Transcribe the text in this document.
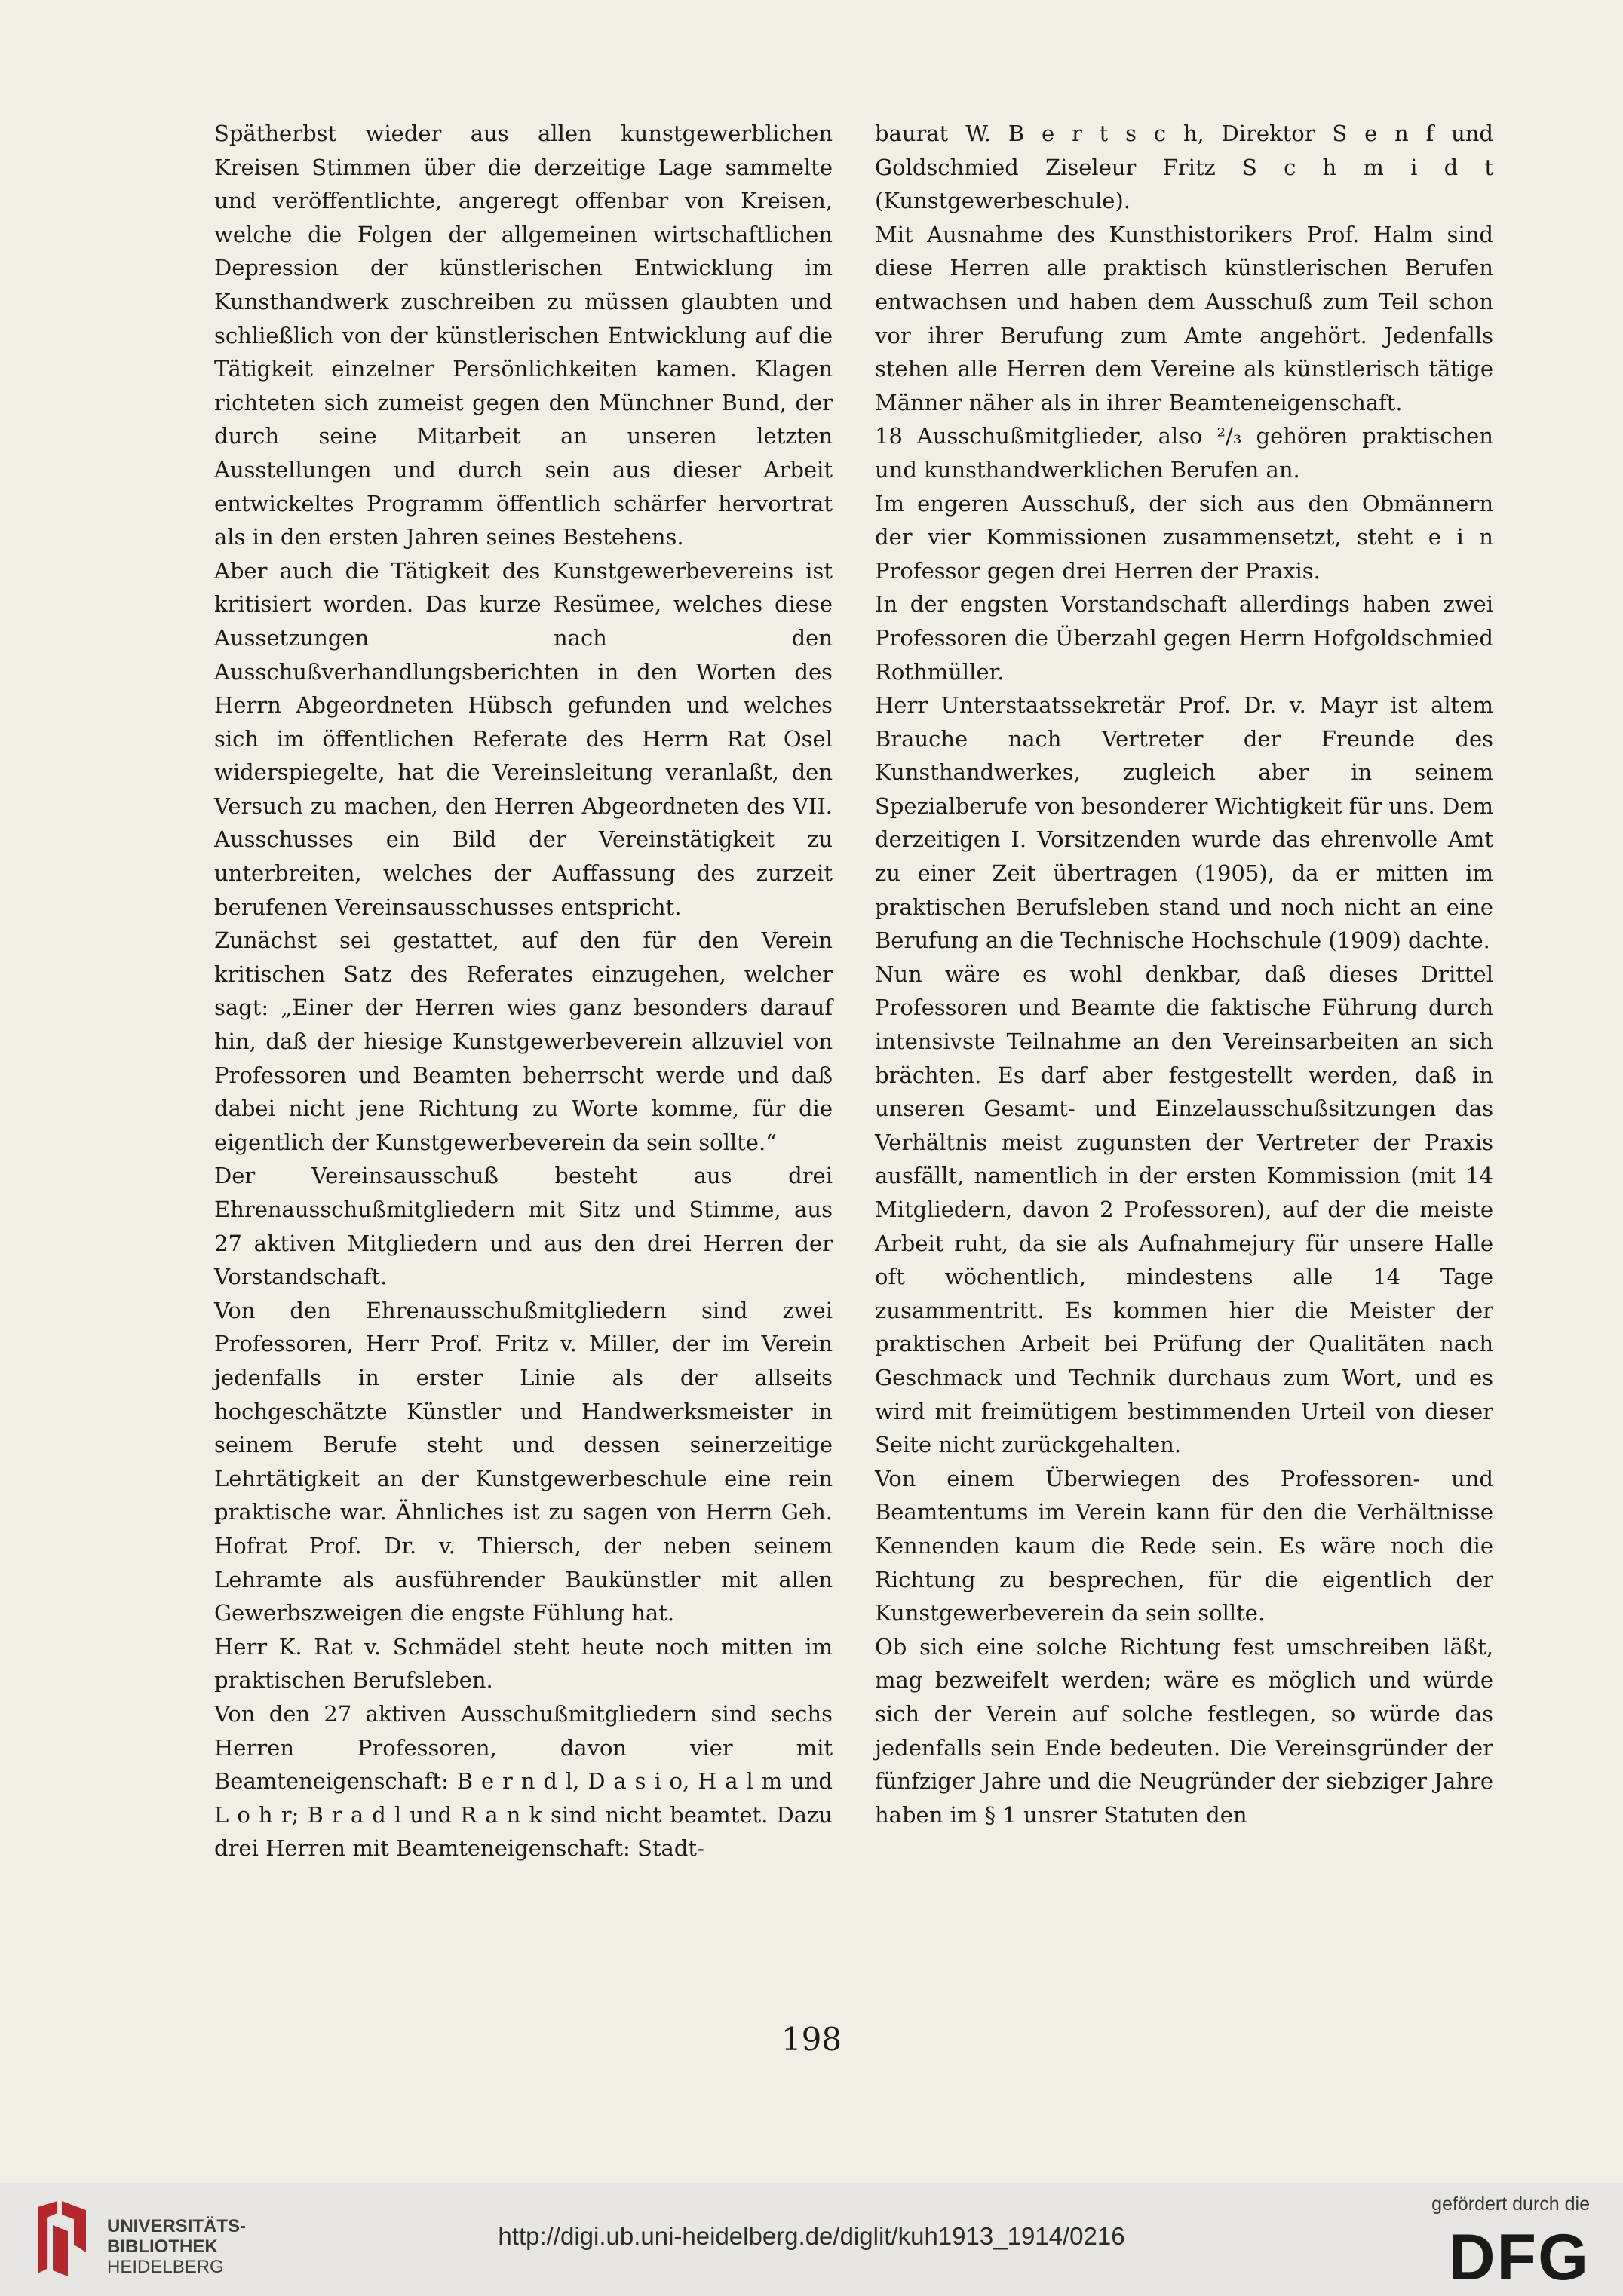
Spätherbst wieder aus allen kunstgewerblichen Kreisen Stimmen über die derzeitige Lage sammelte und veröffentlichte, angeregt offenbar von Kreisen, welche die Folgen der allgemeinen wirtschaftlichen Depression der künstlerischen Entwicklung im Kunsthandwerk zuschreiben zu müssen glaubten und schließlich von der künstlerischen Entwicklung auf die Tätigkeit einzelner Persönlichkeiten kamen. Klagen richteten sich zumeist gegen den Münchner Bund, der durch seine Mitarbeit an unseren letzten Ausstellungen und durch sein aus dieser Arbeit entwickeltes Programm öffentlich schärfer hervortrat als in den ersten Jahren seines Bestehens.

Aber auch die Tätigkeit des Kunstgewerbevereins ist kritisiert worden. Das kurze Resümee, welches diese Aussetzungen nach den Ausschußverhandlungsberichten in den Worten des Herrn Abgeordneten Hübsch gefunden und welches sich im öffentlichen Referate des Herrn Rat Osel widerspiegelte, hat die Vereinsleitung veranlaßt, den Versuch zu machen, den Herren Abgeordneten des VII. Ausschusses ein Bild der Vereinstätigkeit zu unterbreiten, welches der Auffassung des zurzeit berufenen Vereinsausschusses entspricht.

Zunächst sei gestattet, auf den für den Verein kritischen Satz des Referates einzugehen, welcher sagt: „Einer der Herren wies ganz besonders darauf hin, daß der hiesige Kunstgewerbeverein allzuviel von Professoren und Beamten beherrscht werde und daß dabei nicht jene Richtung zu Worte komme, für die eigentlich der Kunstgewerbeverein da sein sollte.“

Der Vereinsausschuß besteht aus drei Ehrenausschußmitgliedern mit Sitz und Stimme, aus 27 aktiven Mitgliedern und aus den drei Herren der Vorstandschaft.

Von den Ehrenausschußmitgliedern sind zwei Professoren, Herr Prof. Fritz v. Miller, der im Verein jedenfalls in erster Linie als der allseits hochgeschätzte Künstler und Handwerksmeister in seinem Berufe steht und dessen seinerzeitige Lehrtätigkeit an der Kunstgewerbeschule eine rein praktische war. Ähnliches ist zu sagen von Herrn Geh. Hofrat Prof. Dr. v. Thiersch, der neben seinem Lehramte als ausführender Baukünstler mit allen Gewerbszweigen die engste Fühlung hat.

Herr K. Rat v. Schmädel steht heute noch mitten im praktischen Berufsleben.

Von den 27 aktiven Ausschußmitgliedern sind sechs Herren Professoren, davon vier mit Beamteneigenschaft: B e r n d l, D a s i o, H a l m und L o h r; B r a d l und R a n k sind nicht beamtet. Dazu drei Herren mit Beamteneigenschaft: Stadt-

baurat W. B e r t s c h, Direktor S e n f und Goldschmied Ziseleur Fritz S c h m i d t (Kunstgewerbeschule).

Mit Ausnahme des Kunsthistorikers Prof. Halm sind diese Herren alle praktisch künstlerischen Berufen entwachsen und haben dem Ausschuß zum Teil schon vor ihrer Berufung zum Amte angehört. Jedenfalls stehen alle Herren dem Vereine als künstlerisch tätige Männer näher als in ihrer Beamteneigenschaft.

18 Ausschußmitglieder, also ²/₃ gehören praktischen und kunsthandwerklichen Berufen an.

Im engeren Ausschuß, der sich aus den Obmännern der vier Kommissionen zusammensetzt, steht e i n Professor gegen drei Herren der Praxis.

In der engsten Vorstandschaft allerdings haben zwei Professoren die Überzahl gegen Herrn Hofgoldschmied Rothmüller.

Herr Unterstaatssekretär Prof. Dr. v. Mayr ist altem Brauche nach Vertreter der Freunde des Kunsthandwerkes, zugleich aber in seinem Spezialberufe von besonderer Wichtigkeit für uns. Dem derzeitigen I. Vorsitzenden wurde das ehrenvolle Amt zu einer Zeit übertragen (1905), da er mitten im praktischen Berufsleben stand und noch nicht an eine Berufung an die Technische Hochschule (1909) dachte.

Nun wäre es wohl denkbar, daß dieses Drittel Professoren und Beamte die faktische Führung durch intensivste Teilnahme an den Vereinsarbeiten an sich brächten. Es darf aber festgestellt werden, daß in unseren Gesamt- und Einzelausschußsitzungen das Verhältnis meist zugunsten der Vertreter der Praxis ausfällt, namentlich in der ersten Kommission (mit 14 Mitgliedern, davon 2 Professoren), auf der die meiste Arbeit ruht, da sie als Aufnahmejury für unsere Halle oft wöchentlich, mindestens alle 14 Tage zusammentritt. Es kommen hier die Meister der praktischen Arbeit bei Prüfung der Qualitäten nach Geschmack und Technik durchaus zum Wort, und es wird mit freimütigem bestimmenden Urteil von dieser Seite nicht zurückgehalten.

Von einem Überwiegen des Professoren- und Beamtentums im Verein kann für den die Verhältnisse Kennenden kaum die Rede sein. Es wäre noch die Richtung zu besprechen, für die eigentlich der Kunstgewerbeverein da sein sollte.

Ob sich eine solche Richtung fest umschreiben läßt, mag bezweifelt werden; wäre es möglich und würde sich der Verein auf solche festlegen, so würde das jedenfalls sein Ende bedeuten. Die Vereinsgründer der fünfziger Jahre und die Neugründer der siebziger Jahre haben im § 1 unsrer Statuten den

198
UNIVERSITÄTS-
BIBLIOTHEK
HEIDELBERG
http://digi.ub.uni-heidelberg.de/diglit/kuh1913_1914/0216
gefördert durch die
DFG
